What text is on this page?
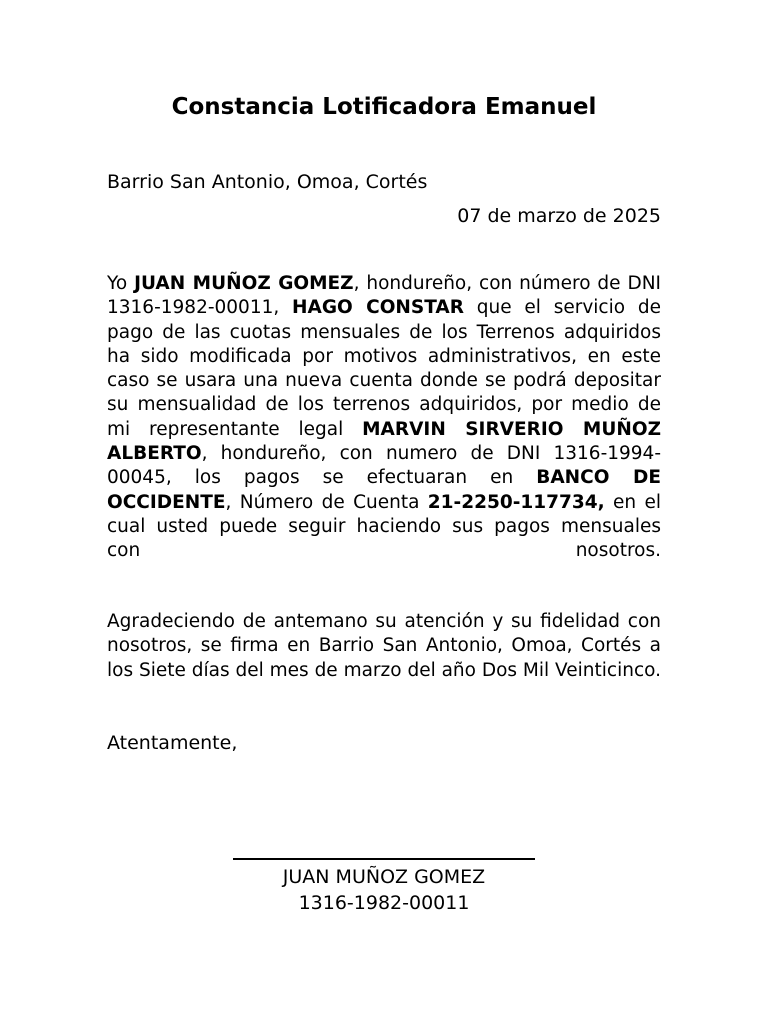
Constancia Lotificadora Emanuel

Barrio San Antonio, Omoa, Cortés

07 de marzo de 2025

Yo JUAN MUÑOZ GOMEZ, hondureño, con número de DNI 1316-1982-00011, HAGO CONSTAR que el servicio de pago de las cuotas mensuales de los Terrenos adquiridos ha sido modificada por motivos administrativos, en este caso se usara una nueva cuenta donde se podrá depositar su mensualidad de los terrenos adquiridos, por medio de mi representante legal MARVIN SIRVERIO MUÑOZ ALBERTO, hondureño, con numero de DNI 1316-1994-00045, los pagos se efectuaran en BANCO DE OCCIDENTE, Número de Cuenta 21-2250-117734, en el cual usted puede seguir haciendo sus pagos mensuales con nosotros.

Agradeciendo de antemano su atención y su fidelidad con nosotros, se firma en Barrio San Antonio, Omoa, Cortés a los Siete días del mes de marzo del año Dos Mil Veinticinco.

Atentamente,

JUAN MUÑOZ GOMEZ

1316-1982-00011
